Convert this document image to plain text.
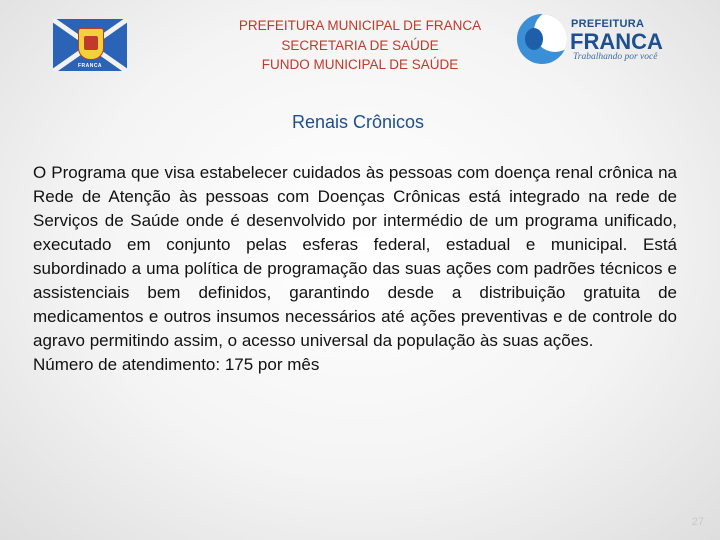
FRANCA
PREFEITURA MUNICIPAL DE FRANCA
SECRETARIA DE SAÚDE
FUNDO MUNICIPAL DE SAÚDE
PREFEITURA
FRANCA
Trabalhando por você
Renais Crônicos
O Programa que visa estabelecer cuidados às pessoas com doença renal crônica na Rede de Atenção às pessoas com Doenças Crônicas está integrado na rede de Serviços de Saúde onde é desenvolvido por intermédio de um programa unificado, executado em conjunto pelas esferas federal, estadual e municipal. Está subordinado a uma política de programação das suas ações com padrões técnicos e assistenciais bem definidos, garantindo desde a distribuição gratuita de medicamentos e outros insumos necessários até ações preventivas e de controle do agravo permitindo assim, o acesso universal da população às suas ações.
Número de atendimento: 175 por mês
27
